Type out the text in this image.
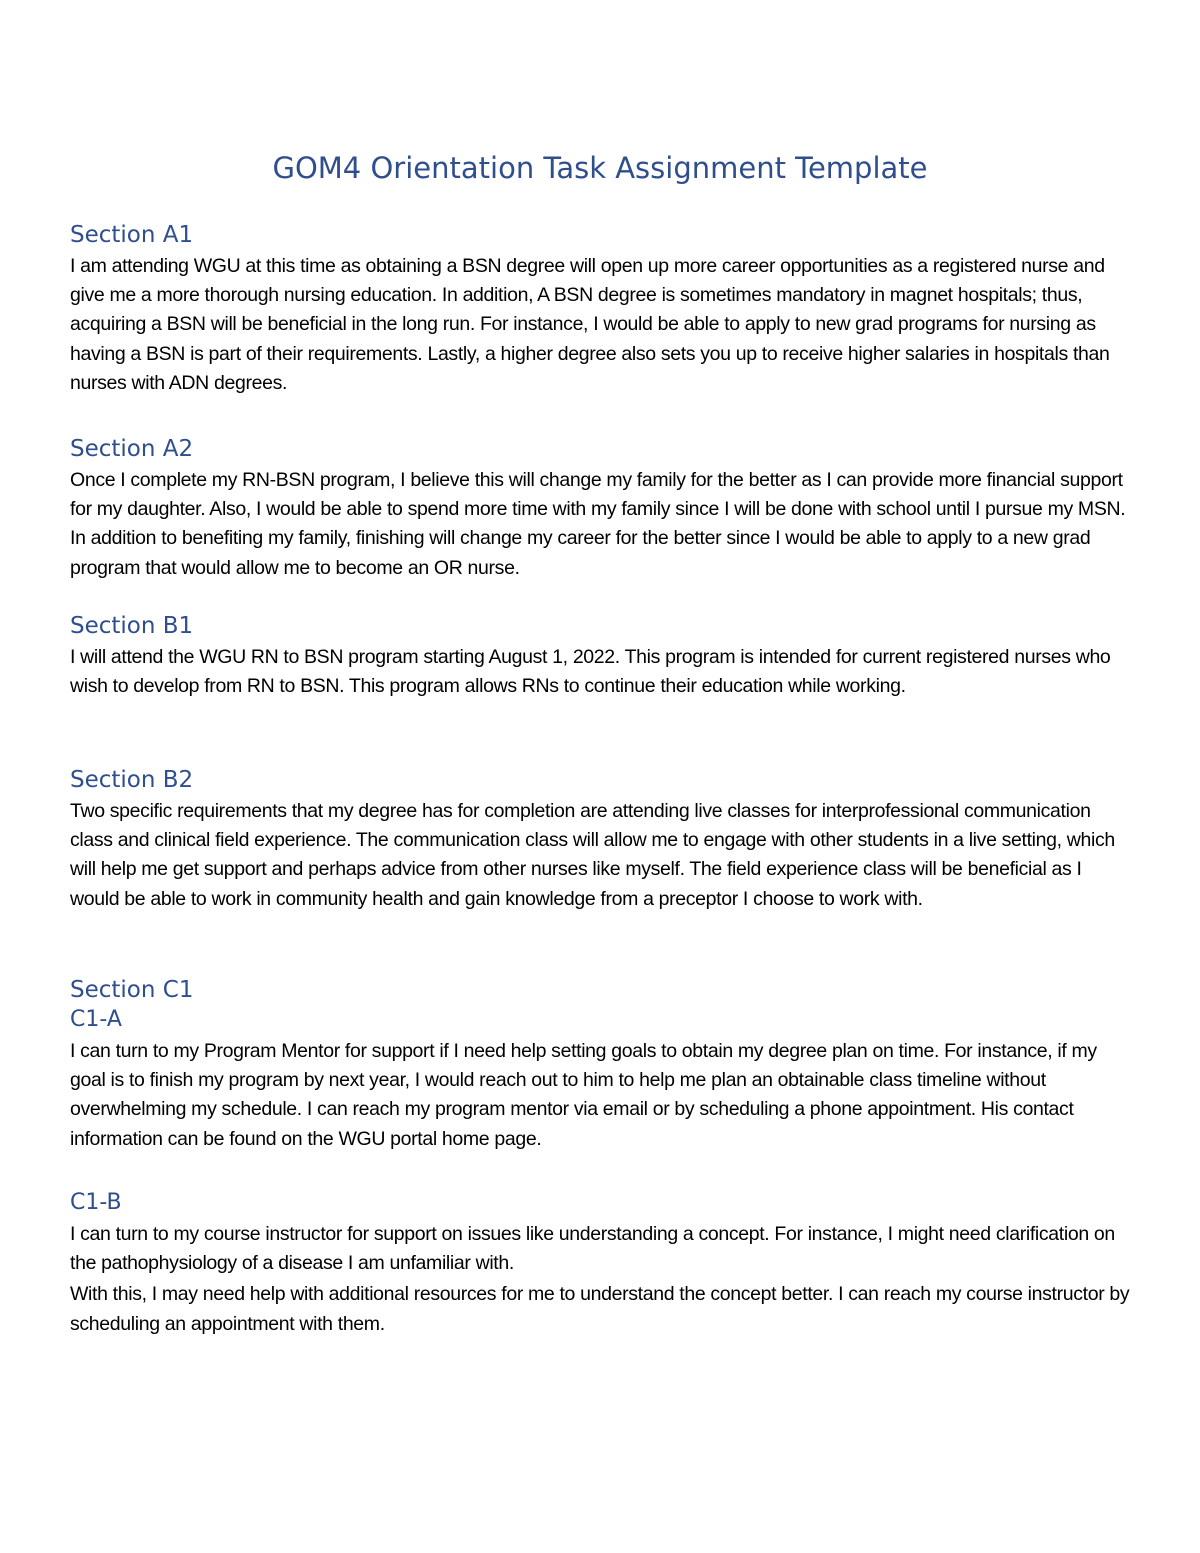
GOM4 Orientation Task Assignment Template
Section A1

I am attending WGU at this time as obtaining a BSN degree will open up more career opportunities as a registered nurse and give me a more thorough nursing education. In addition, A BSN degree is sometimes mandatory in magnet hospitals; thus, acquiring a BSN will be beneficial in the long run. For instance, I would be able to apply to new grad programs for nursing as having a BSN is part of their requirements. Lastly, a higher degree also sets you up to receive higher salaries in hospitals than nurses with ADN degrees.

Section A2

Once I complete my RN-BSN program, I believe this will change my family for the better as I can provide more financial support for my daughter. Also, I would be able to spend more time with my family since I will be done with school until I pursue my MSN. In addition to benefiting my family, finishing will change my career for the better since I would be able to apply to a new grad program that would allow me to become an OR nurse.

Section B1

I will attend the WGU RN to BSN program starting August 1, 2022. This program is intended for current registered nurses who wish to develop from RN to BSN. This program allows RNs to continue their education while working.

Section B2

Two specific requirements that my degree has for completion are attending live classes for interprofessional communication class and clinical field experience. The communication class will allow me to engage with other students in a live setting, which will help me get support and perhaps advice from other nurses like myself. The field experience class will be beneficial as I would be able to work in community health and gain knowledge from a preceptor I choose to work with.

Section C1
C1-A

I can turn to my Program Mentor for support if I need help setting goals to obtain my degree plan on time. For instance, if my goal is to finish my program by next year, I would reach out to him to help me plan an obtainable class timeline without overwhelming my schedule. I can reach my program mentor via email or by scheduling a phone appointment. His contact information can be found on the WGU portal home page.

C1-B

I can turn to my course instructor for support on issues like understanding a concept. For instance, I might need clarification on the pathophysiology of a disease I am unfamiliar with.

With this, I may need help with additional resources for me to understand the concept better. I can reach my course instructor by scheduling an appointment with them.
